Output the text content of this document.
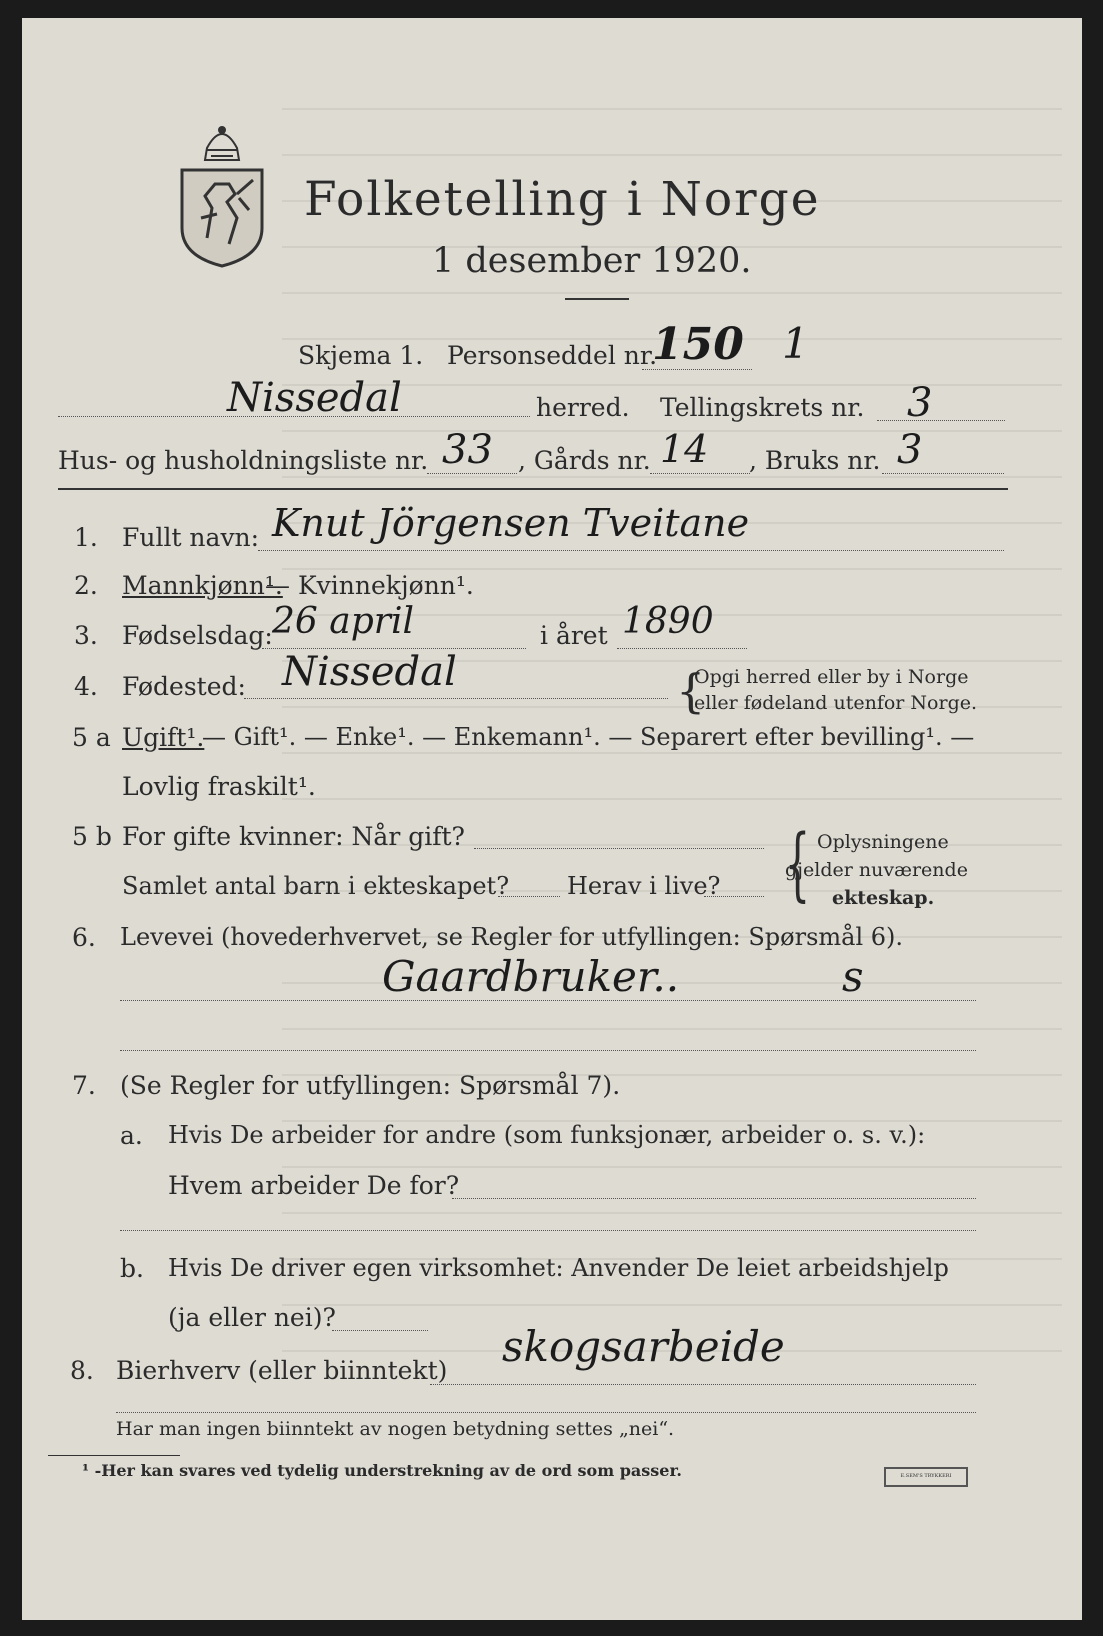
Folketelling i Norge
1 desember 1920.
Skjema 1. Personseddel nr.
150 1
Nissedal	herred. Tellingskrets nr. 3
Hus- og husholdningsliste nr. 33 , Gårds nr. 14 , Bruks nr. 3
1. Fullt navn: Knut Jörgensen Tveitane
2. Mannkjønn¹.
— Kvinnekjønn¹.
3. Fødselsdag: 26 april	i året 1890
4. Fødested: Nissedal	{
Opgi herred eller by i Norge
eller fødeland utenfor Norge.
5 a Ugift¹.
— Gift¹. — Enke¹. — Enkemann¹. — Separert efter bevilling¹. —
Lovlig fraskilt¹.
5 b For gifte kvinner: Når gift?
Samlet antal barn i ekteskapet? Herav i live? { Oplysningene
gjelder nuværende
ekteskap.
6. Levevei (hovederhvervet, se Regler for utfyllingen: Spørsmål 6).
Gaardbruker..	s
7. (Se Regler for utfyllingen: Spørsmål 7).
a. Hvis De arbeider for andre (som funksjonær, arbeider o. s. v.):
Hvem arbeider De for?
b. Hvis De driver egen virksomhet: Anvender De leiet arbeidshjelp
(ja eller nei)?
8. Bierhverv (eller biinntekt) skogsarbeide
Har man ingen biinntekt av nogen betydning settes „nei“.
¹ -Her kan svares ved tydelig understrekning av de ord som passer.	E.SEM'S TRYKKERI
